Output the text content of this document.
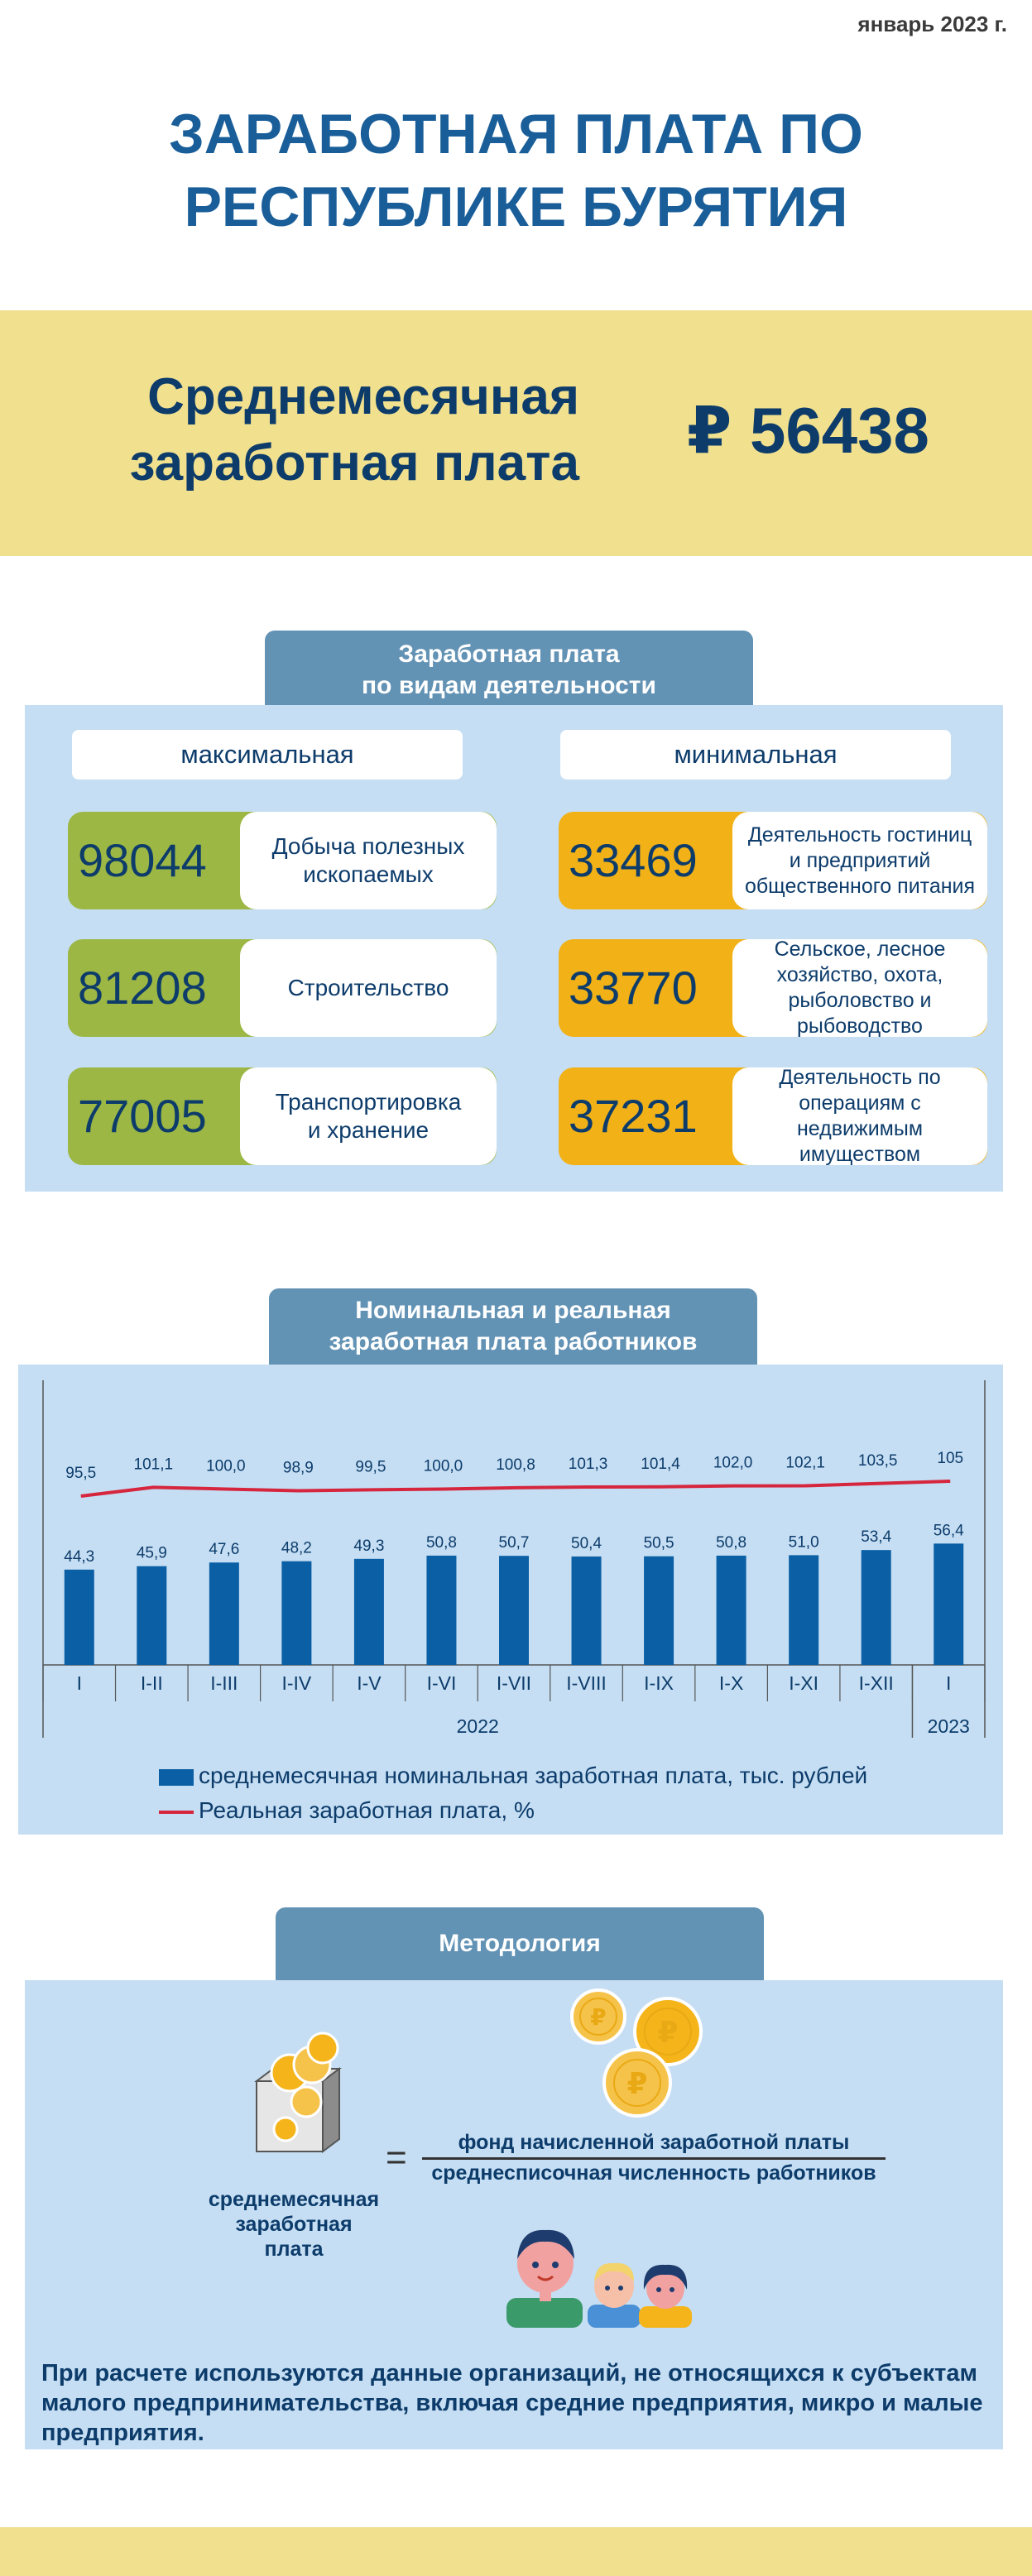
январь 2023 г.
ЗАРАБОТНАЯ ПЛАТА ПО
РЕСПУБЛИКЕ БУРЯТИЯ
Среднемесячная
заработная плата ₽ 56438
Заработная плата
по видам деятельности
максимальная	минимальная
98044	Добыча полезных
ископаемых
81208	Строительство
77005	Транспортировка
и хранение
33469	Деятельность гостиниц
и предприятий
общественного питания
33770
Сельское, лесное
хозяйство, охота,
рыболовство и
рыбоводство
37231
Деятельность по
операциям с
недвижимым
имуществом
Номинальная и реальная
заработная плата работников
44,3
I
45,9
I-II
47,6
I-III
48,2
I-IV
49,3
I-V
50,8
I-VI
50,7
I-VII
50,4
I-VIII
50,5
I-IX
50,8
I-X
51,0
I-XI
53,4
I-XII
56,4
I
2022	2023
95,5
101,1 100,0 98,9	99,5 100,0 100,8 101,3 101,4 102,0 102,1 103,5	105
среднемесячная номинальная заработная плата, тыс. рублей
Реальная заработная плата, %
Методология
₽ ₽
₽
=	фонд начисленной заработной платы
среднесписочная численность работников
среднемесячная
заработная
плата
При расчете используются данные организаций, не относящихся к субъектам малого предпринимательства, включая средние предприятия, микро и малые предприятия.
